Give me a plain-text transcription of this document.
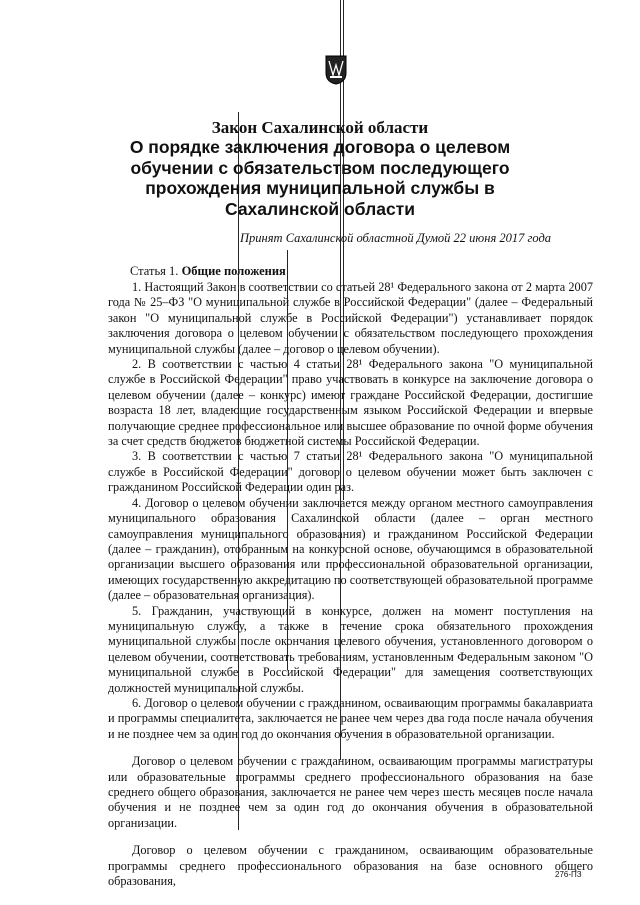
Закон Сахалинской области
О порядке заключения договора о целевом
обучении с обязательством последующего
прохождения муниципальной службы в
Сахалинской области
Принят Сахалинской областной Думой 22 июня 2017 года
Статья 1. Общие положения

1. Настоящий Закон в соответствии со статьей 28¹ Федерального закона от 2 марта 2007 года № 25–ФЗ "О муниципальной службе в Российской Федерации" (далее – Федеральный закон "О муниципальной службе в Российской Федерации") устанавливает порядок заключения договора о целевом обучении с обязательством последующего прохождения муниципальной службы (далее – договор о целевом обучении).

2. В соответствии с частью 4 статьи 28¹ Федерального закона "О муниципальной службе в Российской Федерации" право участвовать в конкурсе на заключение договора о целевом обучении (далее – конкурс) имеют граждане Российской Федерации, достигшие возраста 18 лет, владеющие государственным языком Российской Федерации и впервые получающие среднее профессиональное или высшее образование по очной форме обучения за счет средств бюджетов бюджетной системы Российской Федерации.

3. В соответствии с частью 7 статьи 28¹ Федерального закона "О муниципальной службе в Российской Федерации" договор о целевом обучении может быть заключен с гражданином Российской Федерации один раз.

4. Договор о целевом обучении заключается между органом местного самоуправления муниципального образования Сахалинской области (далее – орган местного самоуправления муниципального образования) и гражданином Российской Федерации (далее – гражданин), отобранным на конкурсной основе, обучающимся в образовательной организации высшего образования или профессиональной образовательной организации, имеющих государственную аккредитацию по соответствующей образовательной программе (далее – образовательная организация).

5. Гражданин, участвующий в конкурсе, должен на момент поступления на муниципальную службу, а также в течение срока обязательного прохождения муниципальной службы после окончания целевого обучения, установленного договором о целевом обучении, соответствовать требованиям, установленным Федеральным законом "О муниципальной службе в Российской Федерации" для замещения соответствующих должностей муниципальной службы.

6. Договор о целевом обучении с гражданином, осваивающим программы бакалавриата и программы специалитета, заключается не ранее чем через два года после начала обучения и не позднее чем за один год до окончания обучения в образовательной организации.

Договор о целевом обучении с гражданином, осваивающим программы магистратуры или образовательные программы среднего профессионального образования на базе среднего общего образования, заключается не ранее чем через шесть месяцев после начала обучения и не позднее чем за один год до окончания обучения в образовательной организации.

Договор о целевом обучении с гражданином, осваивающим образовательные программы среднего профессионального образования на базе основного общего образования,	276-ПЗ
